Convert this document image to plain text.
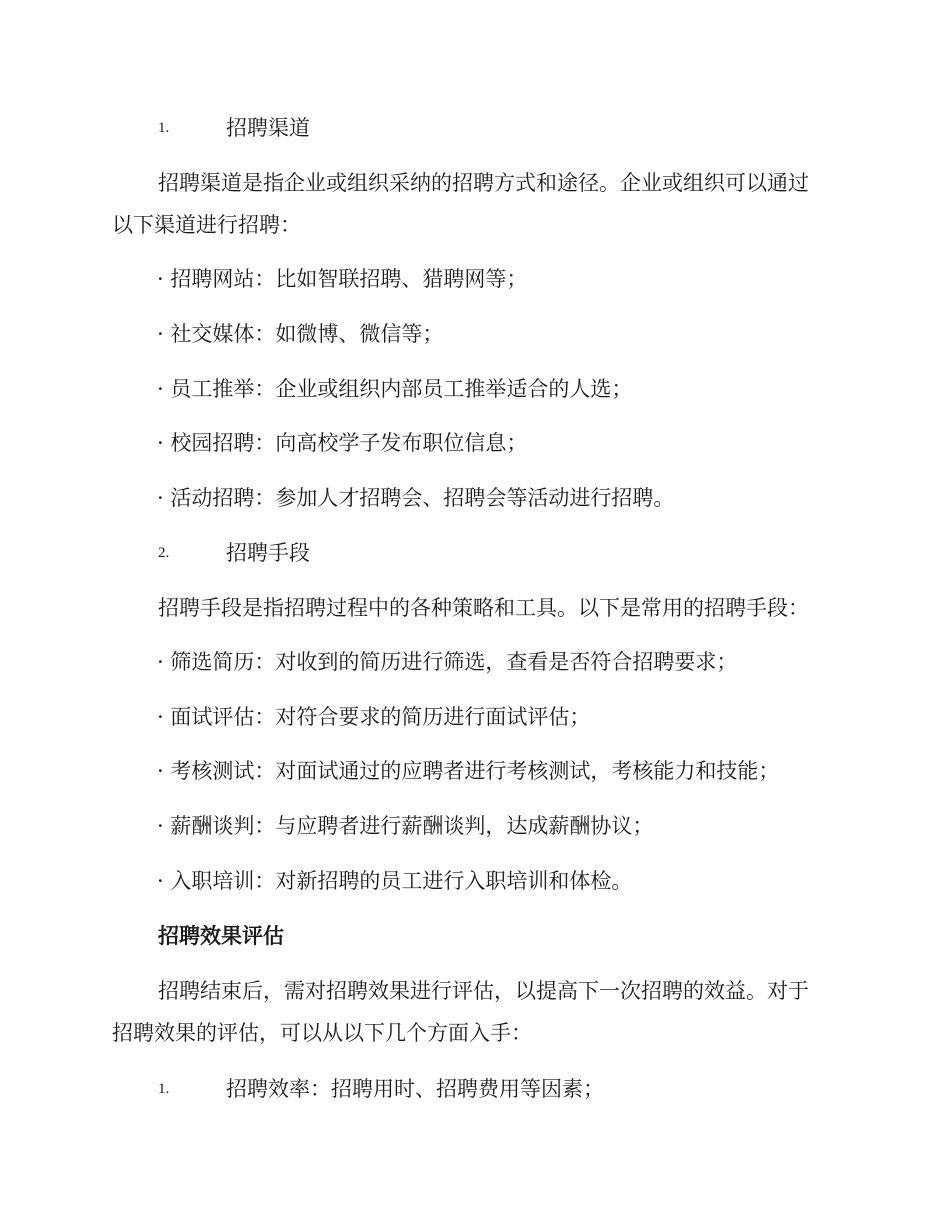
1.	招聘渠道
招聘渠道是指企业或组织采纳的招聘方式和途径。企业或组织可以通过
以下渠道进行招聘：
· 招聘网站：比如智联招聘、猎聘网等；
· 社交媒体：如微博、微信等；
· 员工推举：企业或组织内部员工推举适合的人选；
· 校园招聘：向高校学子发布职位信息；
· 活动招聘：参加人才招聘会、招聘会等活动进行招聘。
2.	招聘手段
招聘手段是指招聘过程中的各种策略和工具。以下是常用的招聘手段：
· 筛选简历：对收到的简历进行筛选，查看是否符合招聘要求；
· 面试评估：对符合要求的简历进行面试评估；
· 考核测试：对面试通过的应聘者进行考核测试，考核能力和技能；
· 薪酬谈判：与应聘者进行薪酬谈判，达成薪酬协议；
· 入职培训：对新招聘的员工进行入职培训和体检。
招聘效果评估
招聘结束后，需对招聘效果进行评估，以提高下一次招聘的效益。对于
招聘效果的评估，可以从以下几个方面入手：
1.	招聘效率：招聘用时、招聘费用等因素；
